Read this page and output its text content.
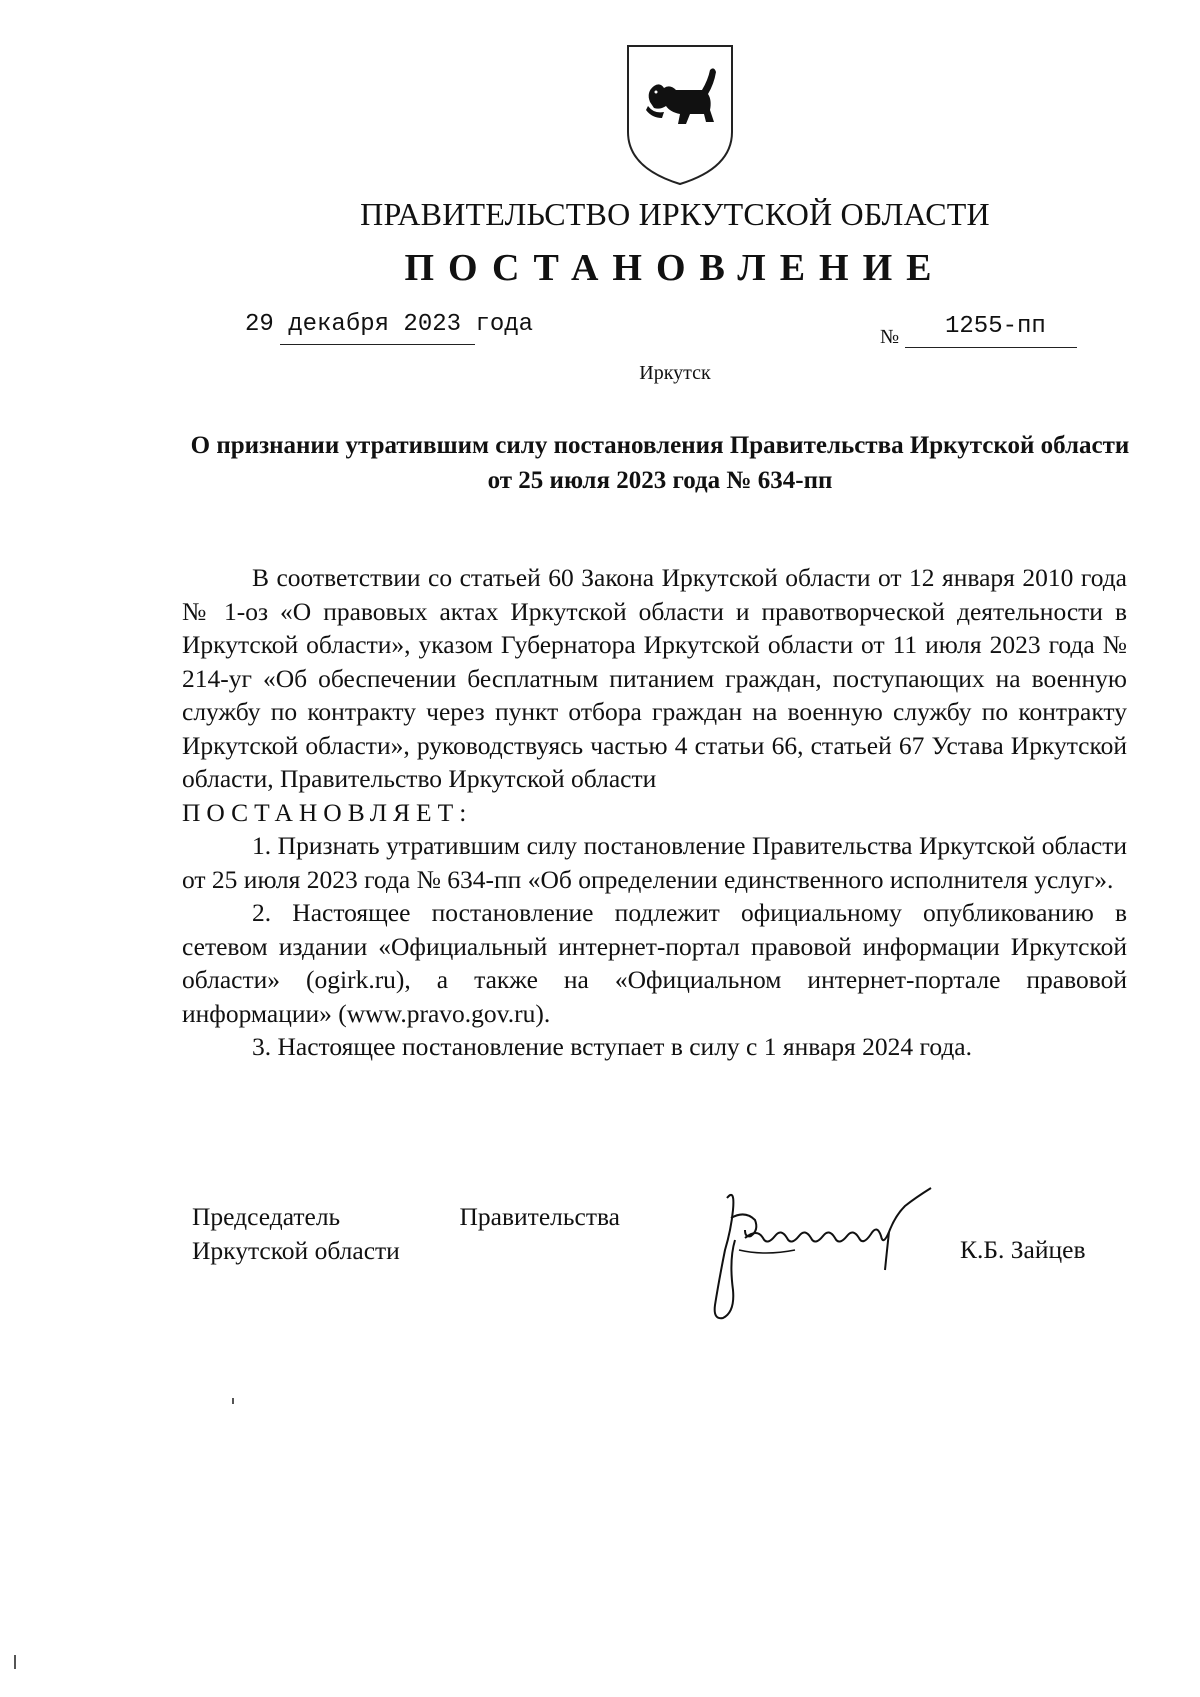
ПРАВИТЕЛЬСТВО ИРКУТСКОЙ ОБЛАСТИ
ПОСТАНОВЛЕНИЕ
29 декабря 2023 года	№ 1255-пп
Иркутск
О признании утратившим силу постановления Правительства Иркутской области от 25 июля 2023 года № 634-пп

В соответствии со статьей 60 Закона Иркутской области от 12 января 2010 года № 1-оз «О правовых актах Иркутской области и правотворческой деятельности в Иркутской области», указом Губернатора Иркутской области от 11 июля 2023 года № 214-уг «Об обеспечении бесплатным питанием граждан, поступающих на военную службу по контракту через пункт отбора граждан на военную службу по контракту Иркутской области», руководствуясь частью 4 статьи 66, статьей 67 Устава Иркутской области, Правительство Иркутской области

ПОСТАНОВЛЯЕТ:

1. Признать утратившим силу постановление Правительства Иркутской области от 25 июля 2023 года № 634-пп «Об определении единственного исполнителя услуг».

2. Настоящее постановление подлежит официальному опубликованию в сетевом издании «Официальный интернет-портал правовой информации Иркутской области» (ogirk.ru), а также на «Официальном интернет-портале правовой информации» (www.pravo.gov.ru).

3. Настоящее постановление вступает в силу с 1 января 2024 года.

Председатель	Правительства
Иркутской области	К.Б. Зайцев
